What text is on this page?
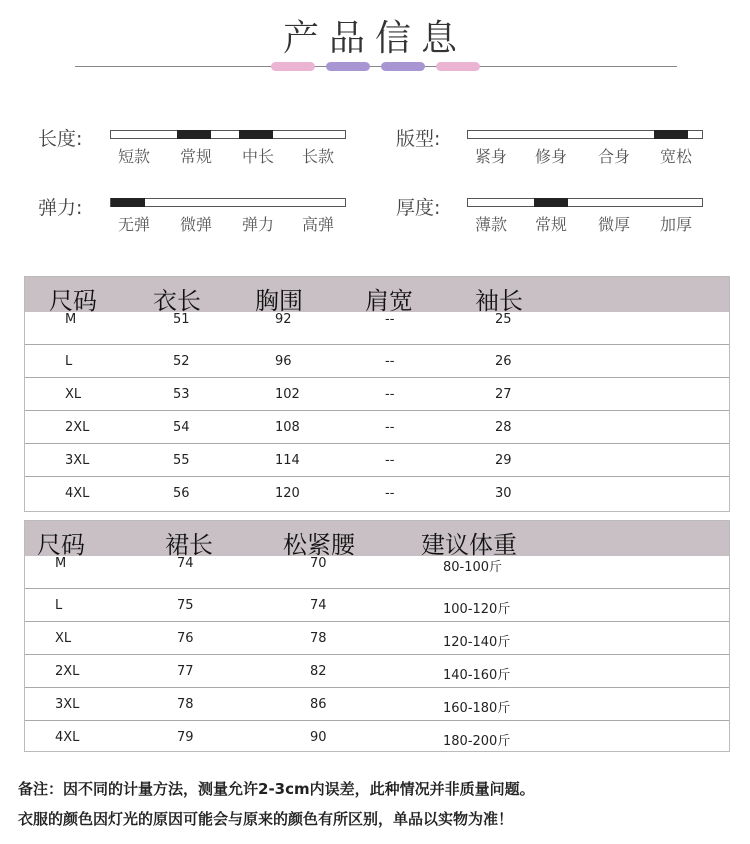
产品信息
长度:
短款 常规 中长 长款
版型:
紧身 修身 合身 宽松
弹力:
无弹 微弹 弹力 高弹
厚度:
薄款 常规 微厚 加厚
尺码 衣长 胸围	肩宽	袖长
M	51	92	--	25
L	52	96	--	26
XL	53	102	--	27
2XL	54	108	--	28
3XL	55	114	--	29
4XL	56	120	--	30
尺码	裙长	松紧腰	建议体重
M	74	70	80-100斤
L	75	74	100-120斤
XL	76	78	120-140斤
2XL	77	82	140-160斤
3XL	78	86	160-180斤
4XL	79	90	180-200斤
备注：因不同的计量方法，测量允许2-3cm内误差，此种情况并非质量问题。
衣服的颜色因灯光的原因可能会与原来的颜色有所区别，单品以实物为准！
